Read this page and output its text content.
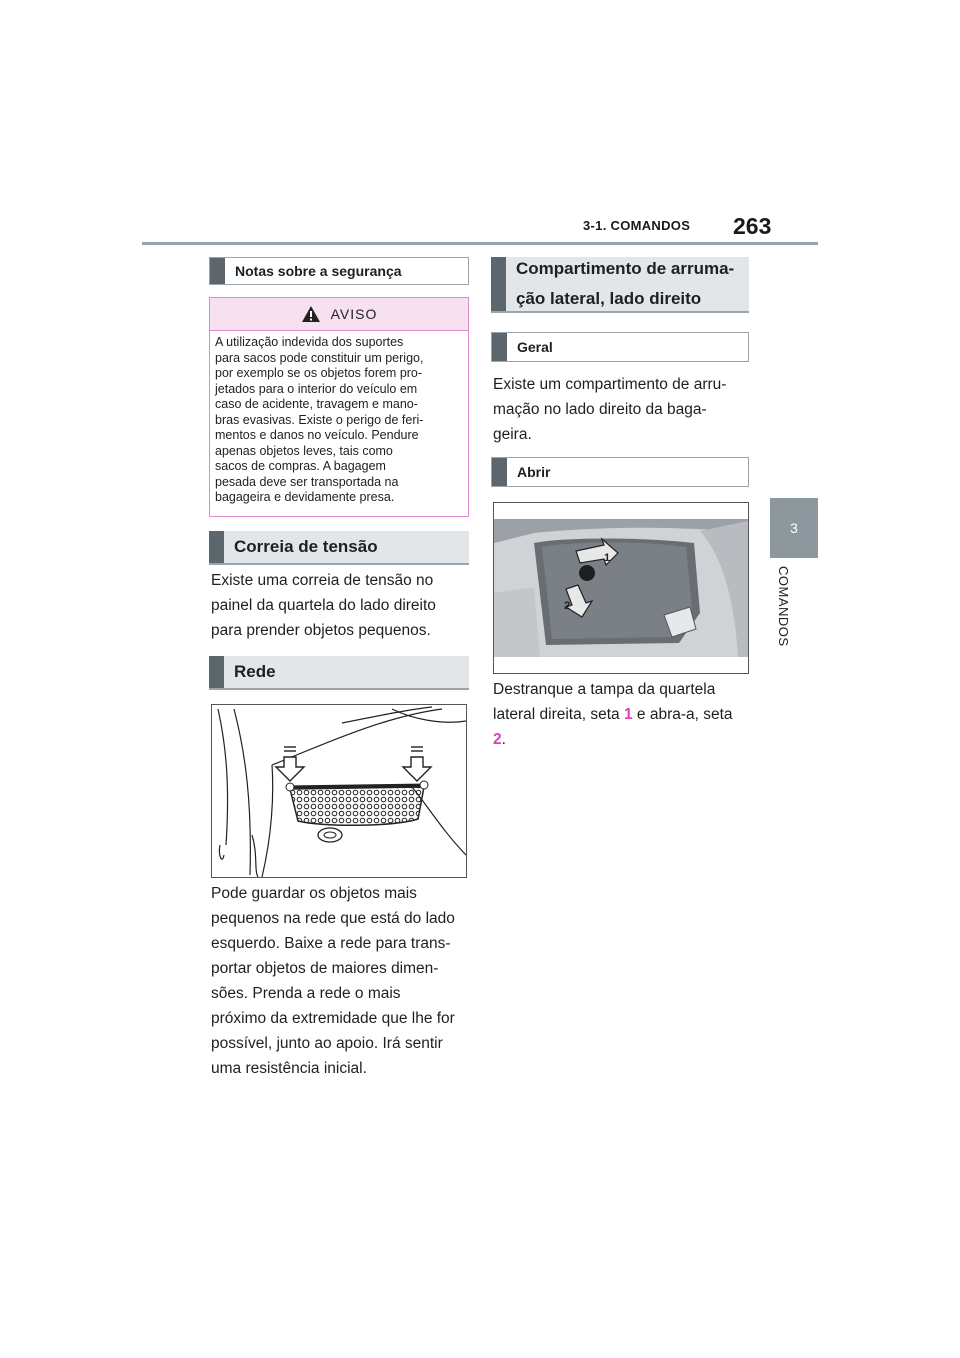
3-1. COMANDOS 263
3
COMANDOS
Notas sobre a segurança
AVISO
A utilização indevida dos suportes
para sacos pode constituir um perigo,
por exemplo se os objetos forem pro-
jetados para o interior do veículo em
caso de acidente, travagem e mano-
bras evasivas. Existe o perigo de feri-
mentos e danos no veículo. Pendure
apenas objetos leves, tais como
sacos de compras. A bagagem
pesada deve ser transportada na
bagageira e devidamente presa.
Correia de tensão
Existe uma correia de tensão no
painel da quartela do lado direito
para prender objetos pequenos.
Rede
Pode guardar os objetos mais
pequenos na rede que está do lado
esquerdo. Baixe a rede para trans-
portar objetos de maiores dimen-
sões. Prenda a rede o mais
próximo da extremidade que lhe for
possível, junto ao apoio. Irá sentir
uma resistência inicial.
Compartimento de arruma-
ção lateral, lado direito
Geral
Existe um compartimento de arru-
mação no lado direito da baga-
geira.
Abrir
1
2
Destranque a tampa da quartela
lateral direita, seta 1 e abra-a, seta
2.
